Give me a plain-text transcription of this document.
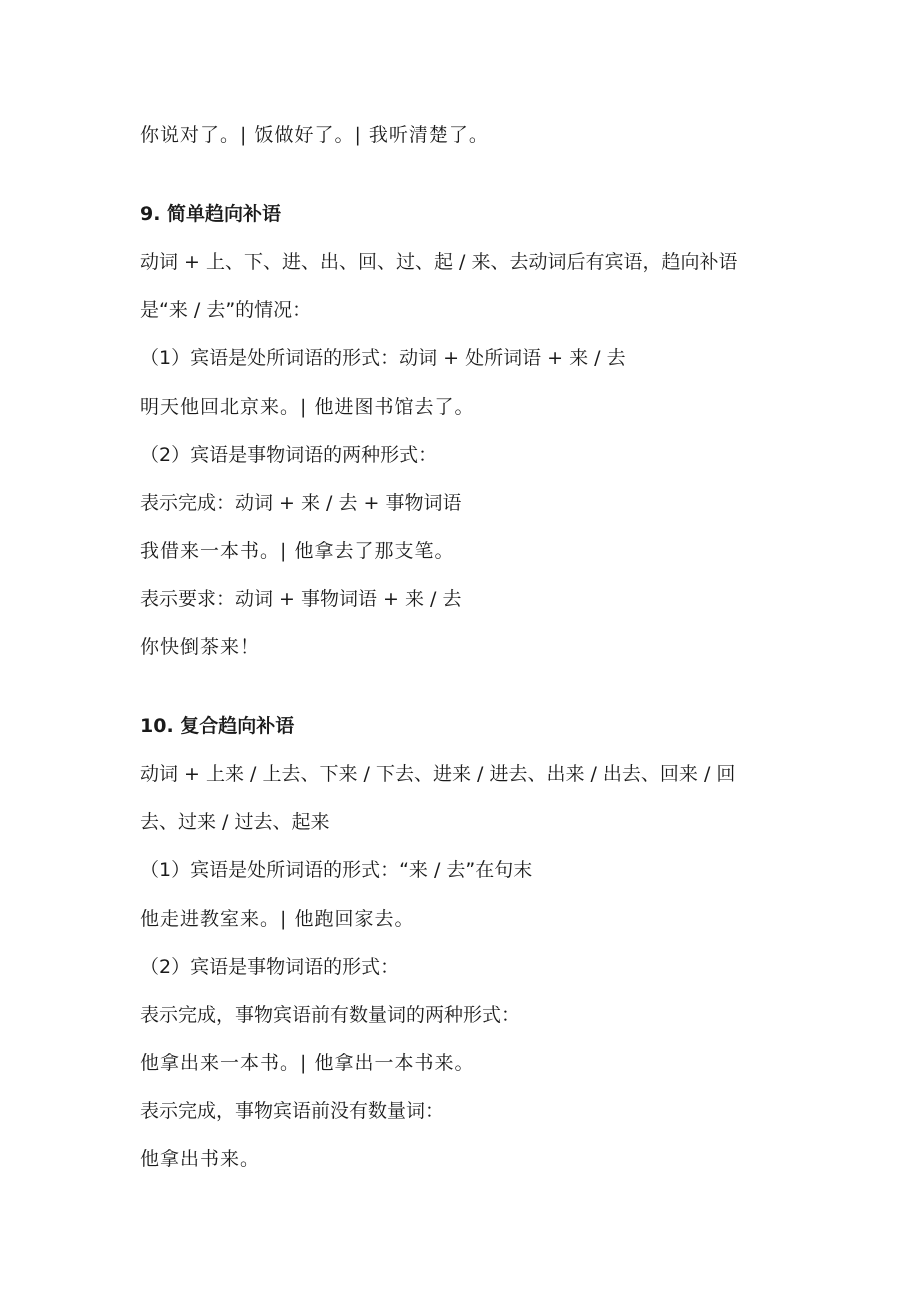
你说对了。| 饭做好了。| 我听清楚了。
9. 简单趋向补语
动词 + 上、下、进、出、回、过、起 / 来、去动词后有宾语，趋向补语
是“来 / 去”的情况：
（1）宾语是处所词语的形式：动词 + 处所词语 + 来 / 去
明天他回北京来。| 他进图书馆去了。
（2）宾语是事物词语的两种形式：
表示完成：动词 + 来 / 去 + 事物词语
我借来一本书。| 他拿去了那支笔。
表示要求：动词 + 事物词语 + 来 / 去
你快倒茶来！
10. 复合趋向补语
动词 + 上来 / 上去、下来 / 下去、进来 / 进去、出来 / 出去、回来 / 回
去、过来 / 过去、起来
（1）宾语是处所词语的形式：“来 / 去”在句末
他走进教室来。| 他跑回家去。
（2）宾语是事物词语的形式：
表示完成，事物宾语前有数量词的两种形式：
他拿出来一本书。| 他拿出一本书来。
表示完成，事物宾语前没有数量词：
他拿出书来。
